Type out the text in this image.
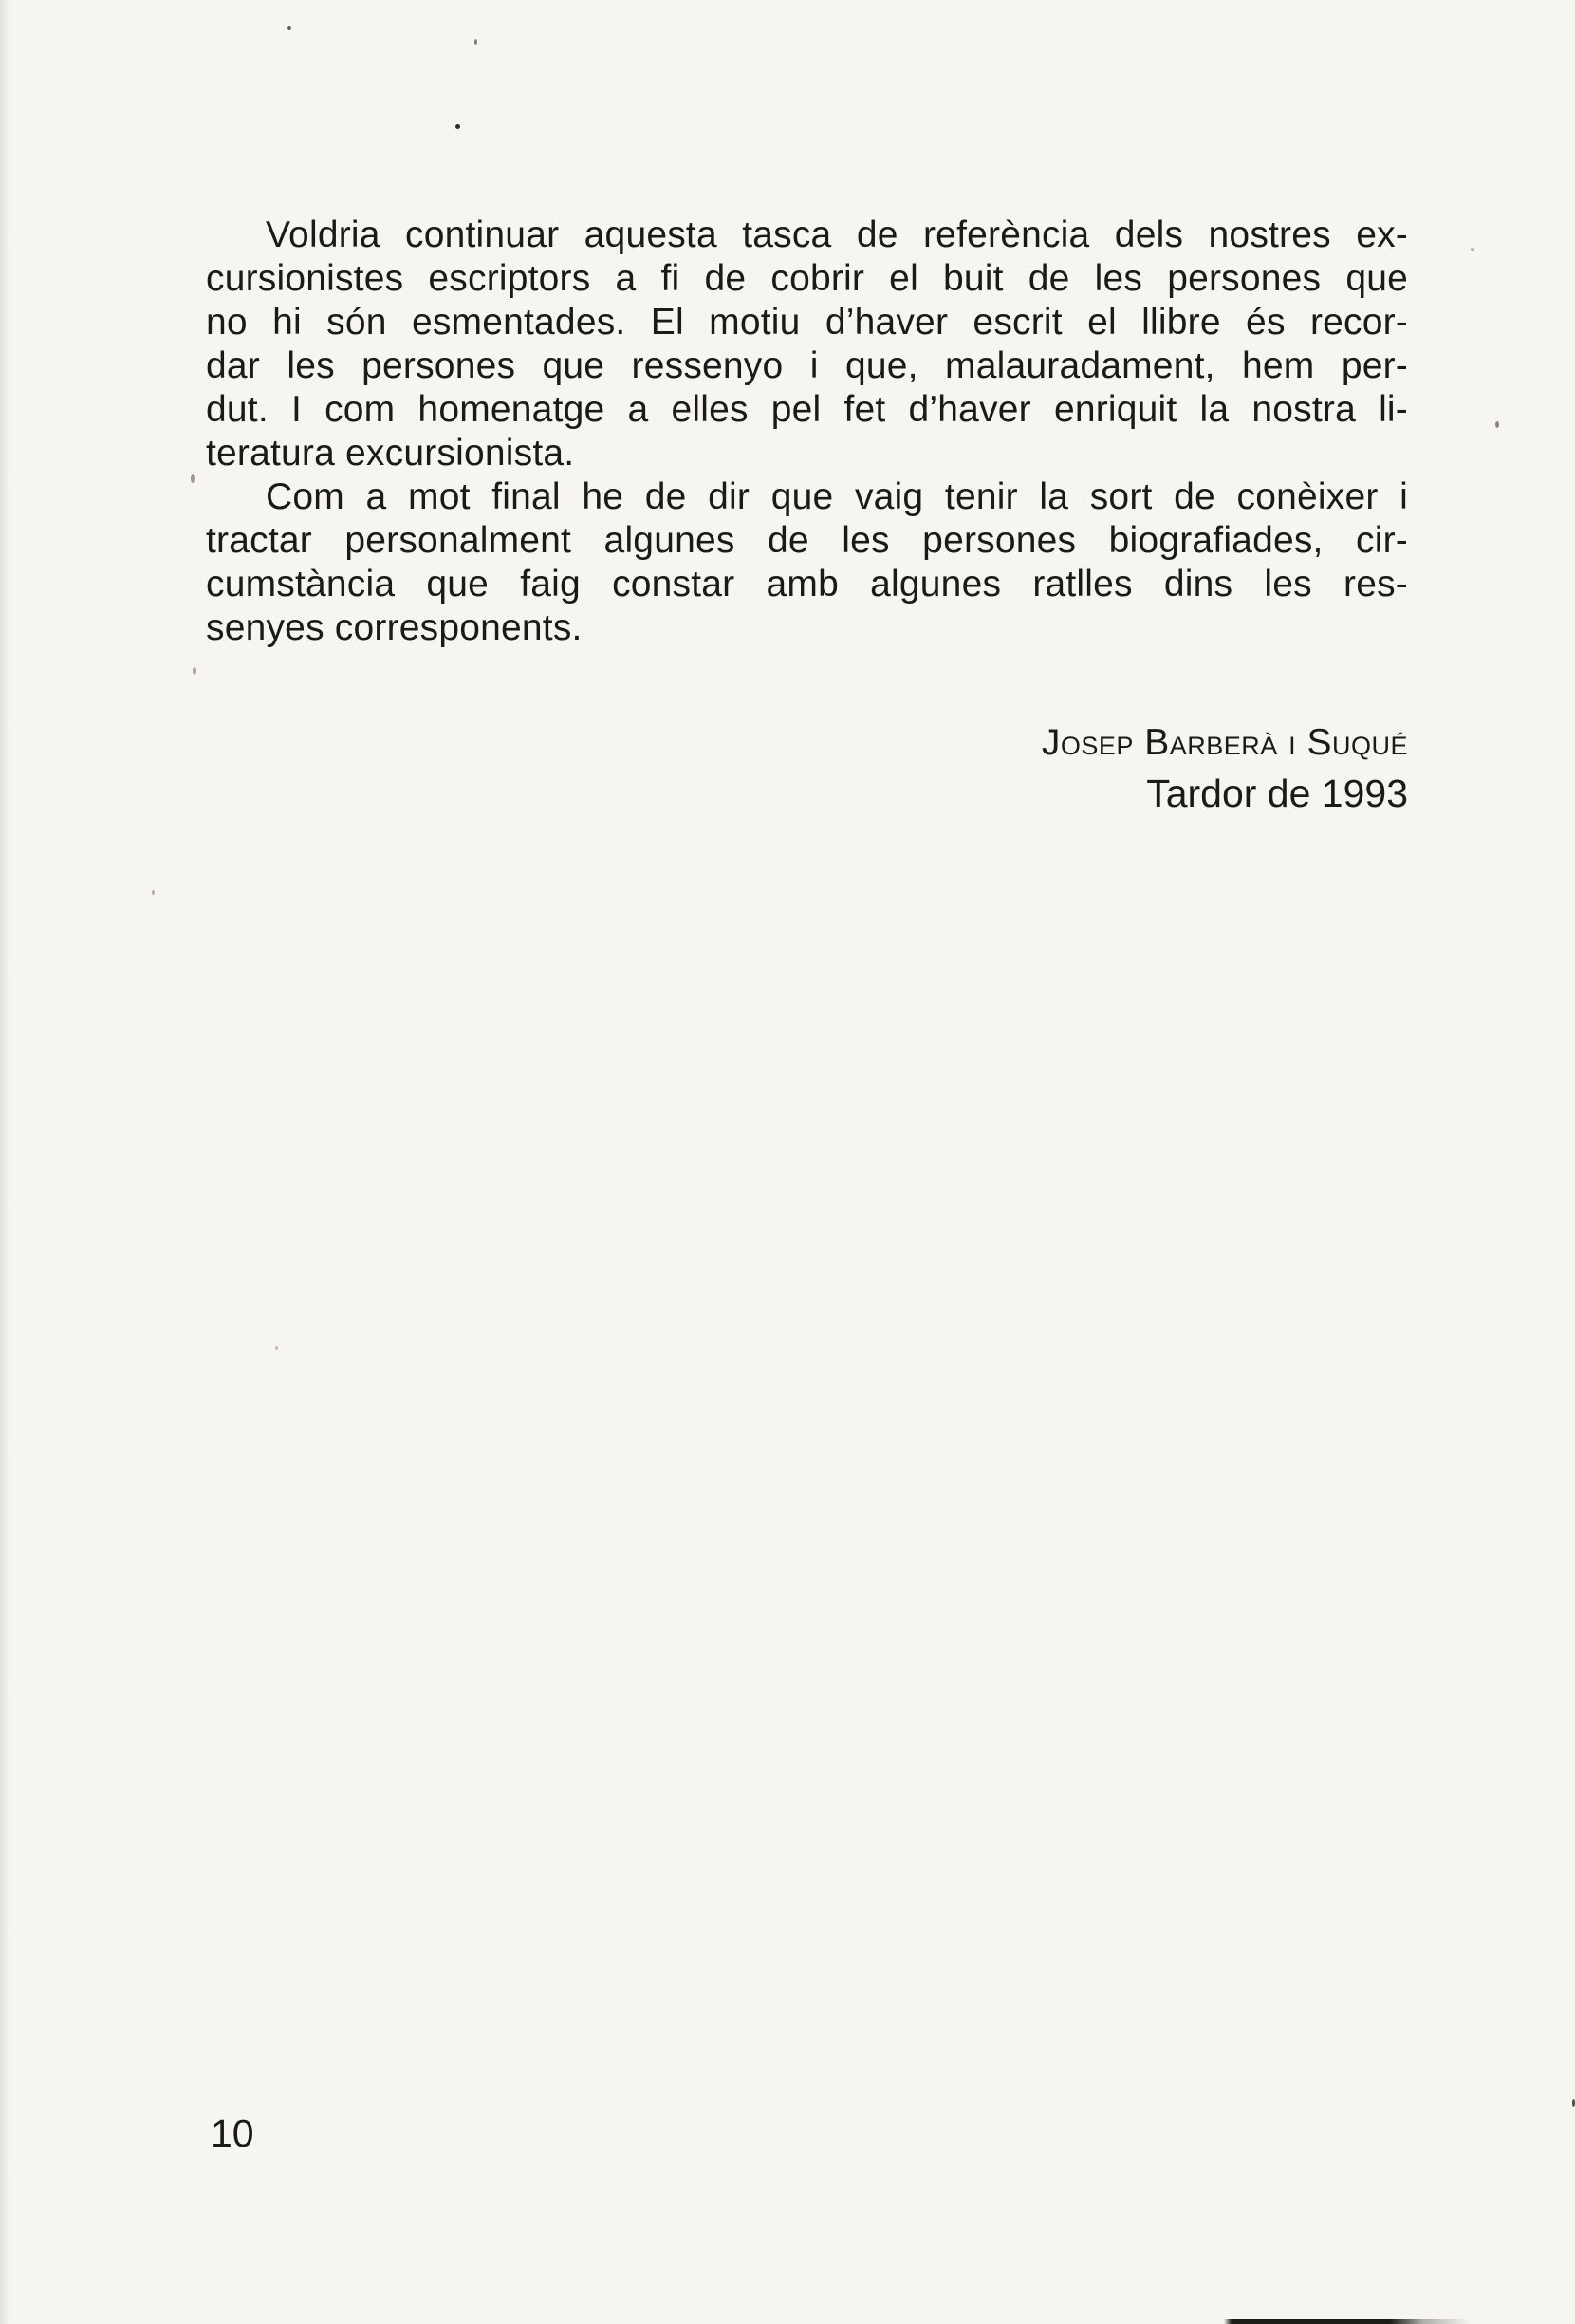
Voldria continuar aquesta tasca de referència dels nostres ex-
cursionistes escriptors a fi de cobrir el buit de les persones que
no hi són esmentades. El motiu d’haver escrit el llibre és recor-
dar les persones que ressenyo i que, malauradament, hem per-
dut. I com homenatge a elles pel fet d’haver enriquit la nostra li-
teratura excursionista.
Com a mot final he de dir que vaig tenir la sort de conèixer i
tractar personalment algunes de les persones biografiades, cir-
cumstància que faig constar amb algunes ratlles dins les res-
senyes corresponents.
Josep Barberà i Suqué
Tardor de 1993
10
